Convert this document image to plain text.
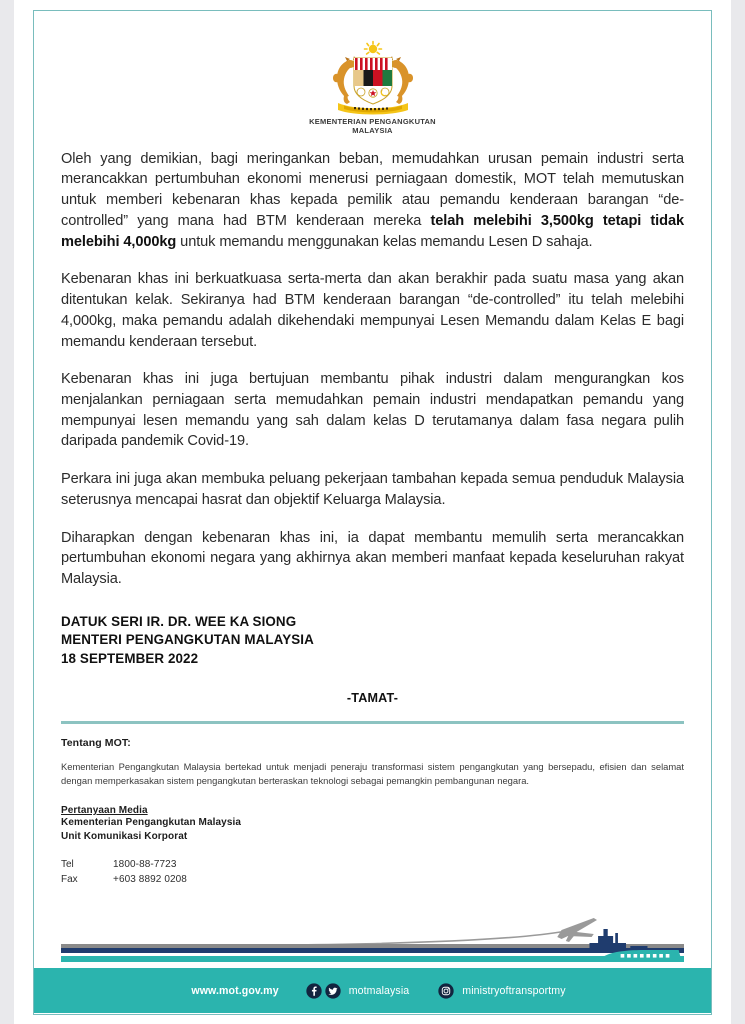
KEMENTERIAN PENGANGKUTAN
MALAYSIA

Oleh yang demikian, bagi meringankan beban, memudahkan urusan pemain industri serta merancakkan pertumbuhan ekonomi menerusi perniagaan domestik, MOT telah memutuskan untuk memberi kebenaran khas kepada pemilik atau pemandu kenderaan barangan “de-controlled” yang mana had BTM kenderaan mereka telah melebihi 3,500kg tetapi tidak melebihi 4,000kg untuk memandu menggunakan kelas memandu Lesen D sahaja.

Kebenaran khas ini berkuatkuasa serta-merta dan akan berakhir pada suatu masa yang akan ditentukan kelak. Sekiranya had BTM kenderaan barangan “de-controlled” itu telah melebihi 4,000kg, maka pemandu adalah dikehendaki mempunyai Lesen Memandu dalam Kelas E bagi memandu kenderaan tersebut.

Kebenaran khas ini juga bertujuan membantu pihak industri dalam mengurangkan kos menjalankan perniagaan serta memudahkan pemain industri mendapatkan pemandu yang mempunyai lesen memandu yang sah dalam kelas D terutamanya dalam fasa negara pulih daripada pandemik Covid-19.

Perkara ini juga akan membuka peluang pekerjaan tambahan kepada semua penduduk Malaysia seterusnya mencapai hasrat dan objektif Keluarga Malaysia.

Diharapkan dengan kebenaran khas ini, ia dapat membantu memulih serta merancakkan pertumbuhan ekonomi negara yang akhirnya akan memberi manfaat kepada keseluruhan rakyat Malaysia.

DATUK SERI IR. DR. WEE KA SIONG
MENTERI PENGANGKUTAN MALAYSIA
18 SEPTEMBER 2022
-TAMAT-
Tentang MOT:
Kementerian Pengangkutan Malaysia bertekad untuk menjadi peneraju transformasi sistem pengangkutan yang bersepadu, efisien dan selamat dengan memperkasakan sistem pengangkutan berteraskan teknologi sebagai pemangkin pembangunan negara.
Pertanyaan Media
Kementerian Pengangkutan Malaysia
Unit Komunikasi Korporat
Tel	1800-88-7723
Fax	+603 8892 0208
www.mot.gov.my	motmalaysia	ministryoftransportmy
